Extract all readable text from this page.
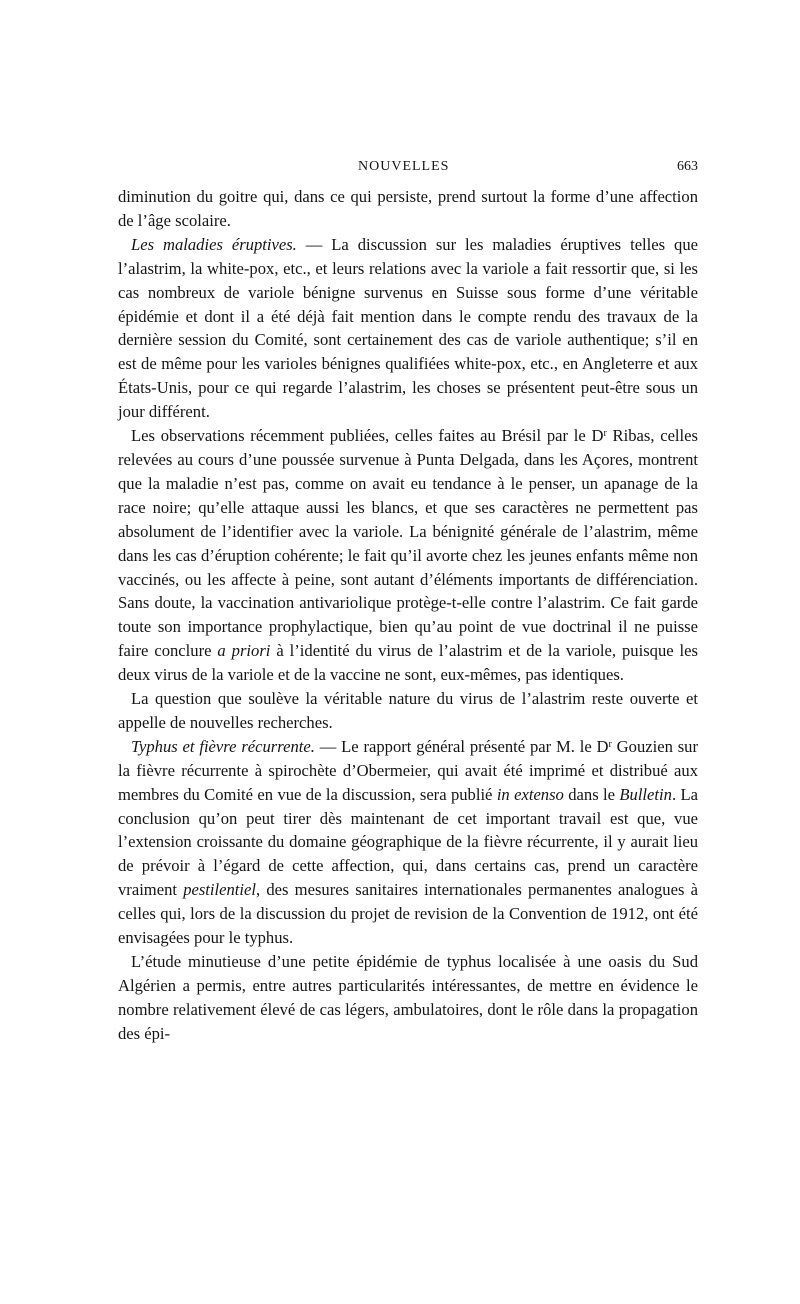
NOUVELLES	663

diminution du goitre qui, dans ce qui persiste, prend surtout la forme d’une affection de l’âge scolaire.

Les maladies éruptives. — La discussion sur les maladies éruptives telles que l’alastrim, la white-pox, etc., et leurs relations avec la variole a fait ressortir que, si les cas nombreux de variole bénigne survenus en Suisse sous forme d’une véritable épidémie et dont il a été déjà fait mention dans le compte rendu des travaux de la dernière session du Comité, sont certainement des cas de variole authentique; s’il en est de même pour les varioles bénignes qualifiées white-pox, etc., en Angleterre et aux États-Unis, pour ce qui regarde l’alastrim, les choses se présentent peut-être sous un jour différent.

Les observations récemment publiées, celles faites au Brésil par le $D^r$ Ribas, celles relevées au cours d’une poussée survenue à Punta Delgada, dans les Açores, montrent que la maladie n’est pas, comme on avait eu tendance à le penser, un apanage de la race noire; qu’elle attaque aussi les blancs, et que ses caractères ne permettent pas absolument de l’identifier avec la variole. La bénignité générale de l’alastrim, même dans les cas d’éruption cohérente; le fait qu’il avorte chez les jeunes enfants même non vaccinés, ou les affecte à peine, sont autant d’éléments importants de différenciation. Sans doute, la vaccination antivariolique protège-t-elle contre l’alastrim. Ce fait garde toute son importance prophylactique, bien qu’au point de vue doctrinal il ne puisse faire conclure a priori à l’identité du virus de l’alastrim et de la variole, puisque les deux virus de la variole et de la vaccine ne sont, eux-mêmes, pas identiques.

La question que soulève la véritable nature du virus de l’alastrim reste ouverte et appelle de nouvelles recherches.

Typhus et fièvre récurrente. — Le rapport général présenté par M. le $D^r$ Gouzien sur la fièvre récurrente à spirochète d’Obermeier, qui avait été imprimé et distribué aux membres du Comité en vue de la discussion, sera publié in extenso dans le Bulletin. La conclusion qu’on peut tirer dès maintenant de cet important travail est que, vue l’extension croissante du domaine géographique de la fièvre récurrente, il y aurait lieu de prévoir à l’égard de cette affection, qui, dans certains cas, prend un caractère vraiment pestilentiel, des mesures sanitaires internationales permanentes analogues à celles qui, lors de la discussion du projet de revision de la Convention de 1912, ont été envisagées pour le typhus.

L’étude minutieuse d’une petite épidémie de typhus localisée à une oasis du Sud Algérien a permis, entre autres particularités intéressantes, de mettre en évidence le nombre relativement élevé de cas légers, ambulatoires, dont le rôle dans la propagation des épi-
